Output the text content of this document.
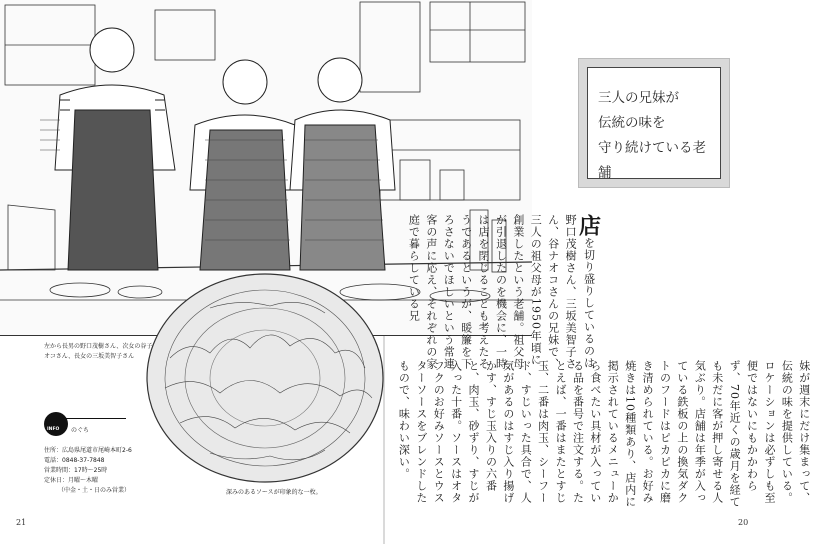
左から長男の野口茂樹さん、次女の谷子
オコさん、長女の三坂美智子さん
INFO のぐち
住所：広島県尾道市尾崎本町2-6
電話：0848-37-7848
営業時間：17時〜25時
定休日：月曜〜木曜
（中金・土・日のみ営業）	深みのあるソースが印象的な一枚。
21	20
三人の兄妹が
伝統の味を
守り続けている老舗
店を切り盛りしているのは野口茂樹さん、三坂美智子さん、谷ナオコさんの兄妹で、三人の祖父母が1950年頃に創業したという老舗。祖父母が引退したのを機会に、一時は店を閉じることも考えたそうであるというが、暖簾を下ろさないでほしいという常連客の声に応え、それぞれの家庭で暮らしている兄
妹が週末にだけ集まって、伝統の味を提供している。ロケーションは必ずしも至便ではないにもかかわらず、70年近くの歳月を経ても未だに客が押し寄せる人気ぶり。店舗は年季が入っている鉄板の上の換気ダクトのフードはピカピカに磨き清められている。お好み焼きは10種類あり、店内に掲示されているメニューから食べたい具材が入っている品を番号で注文する。たとえば、一番はまたとすじ玉、二番は肉玉、シーフード、すじいった具合で、人気があるのはすじ入り揚げかす、すじ玉入りの六番と、肉玉、砂ずり、すじが入った十番。ソースはオタフクのお好みソースとウスターソースをブレンドしたもので、味わい深い。
